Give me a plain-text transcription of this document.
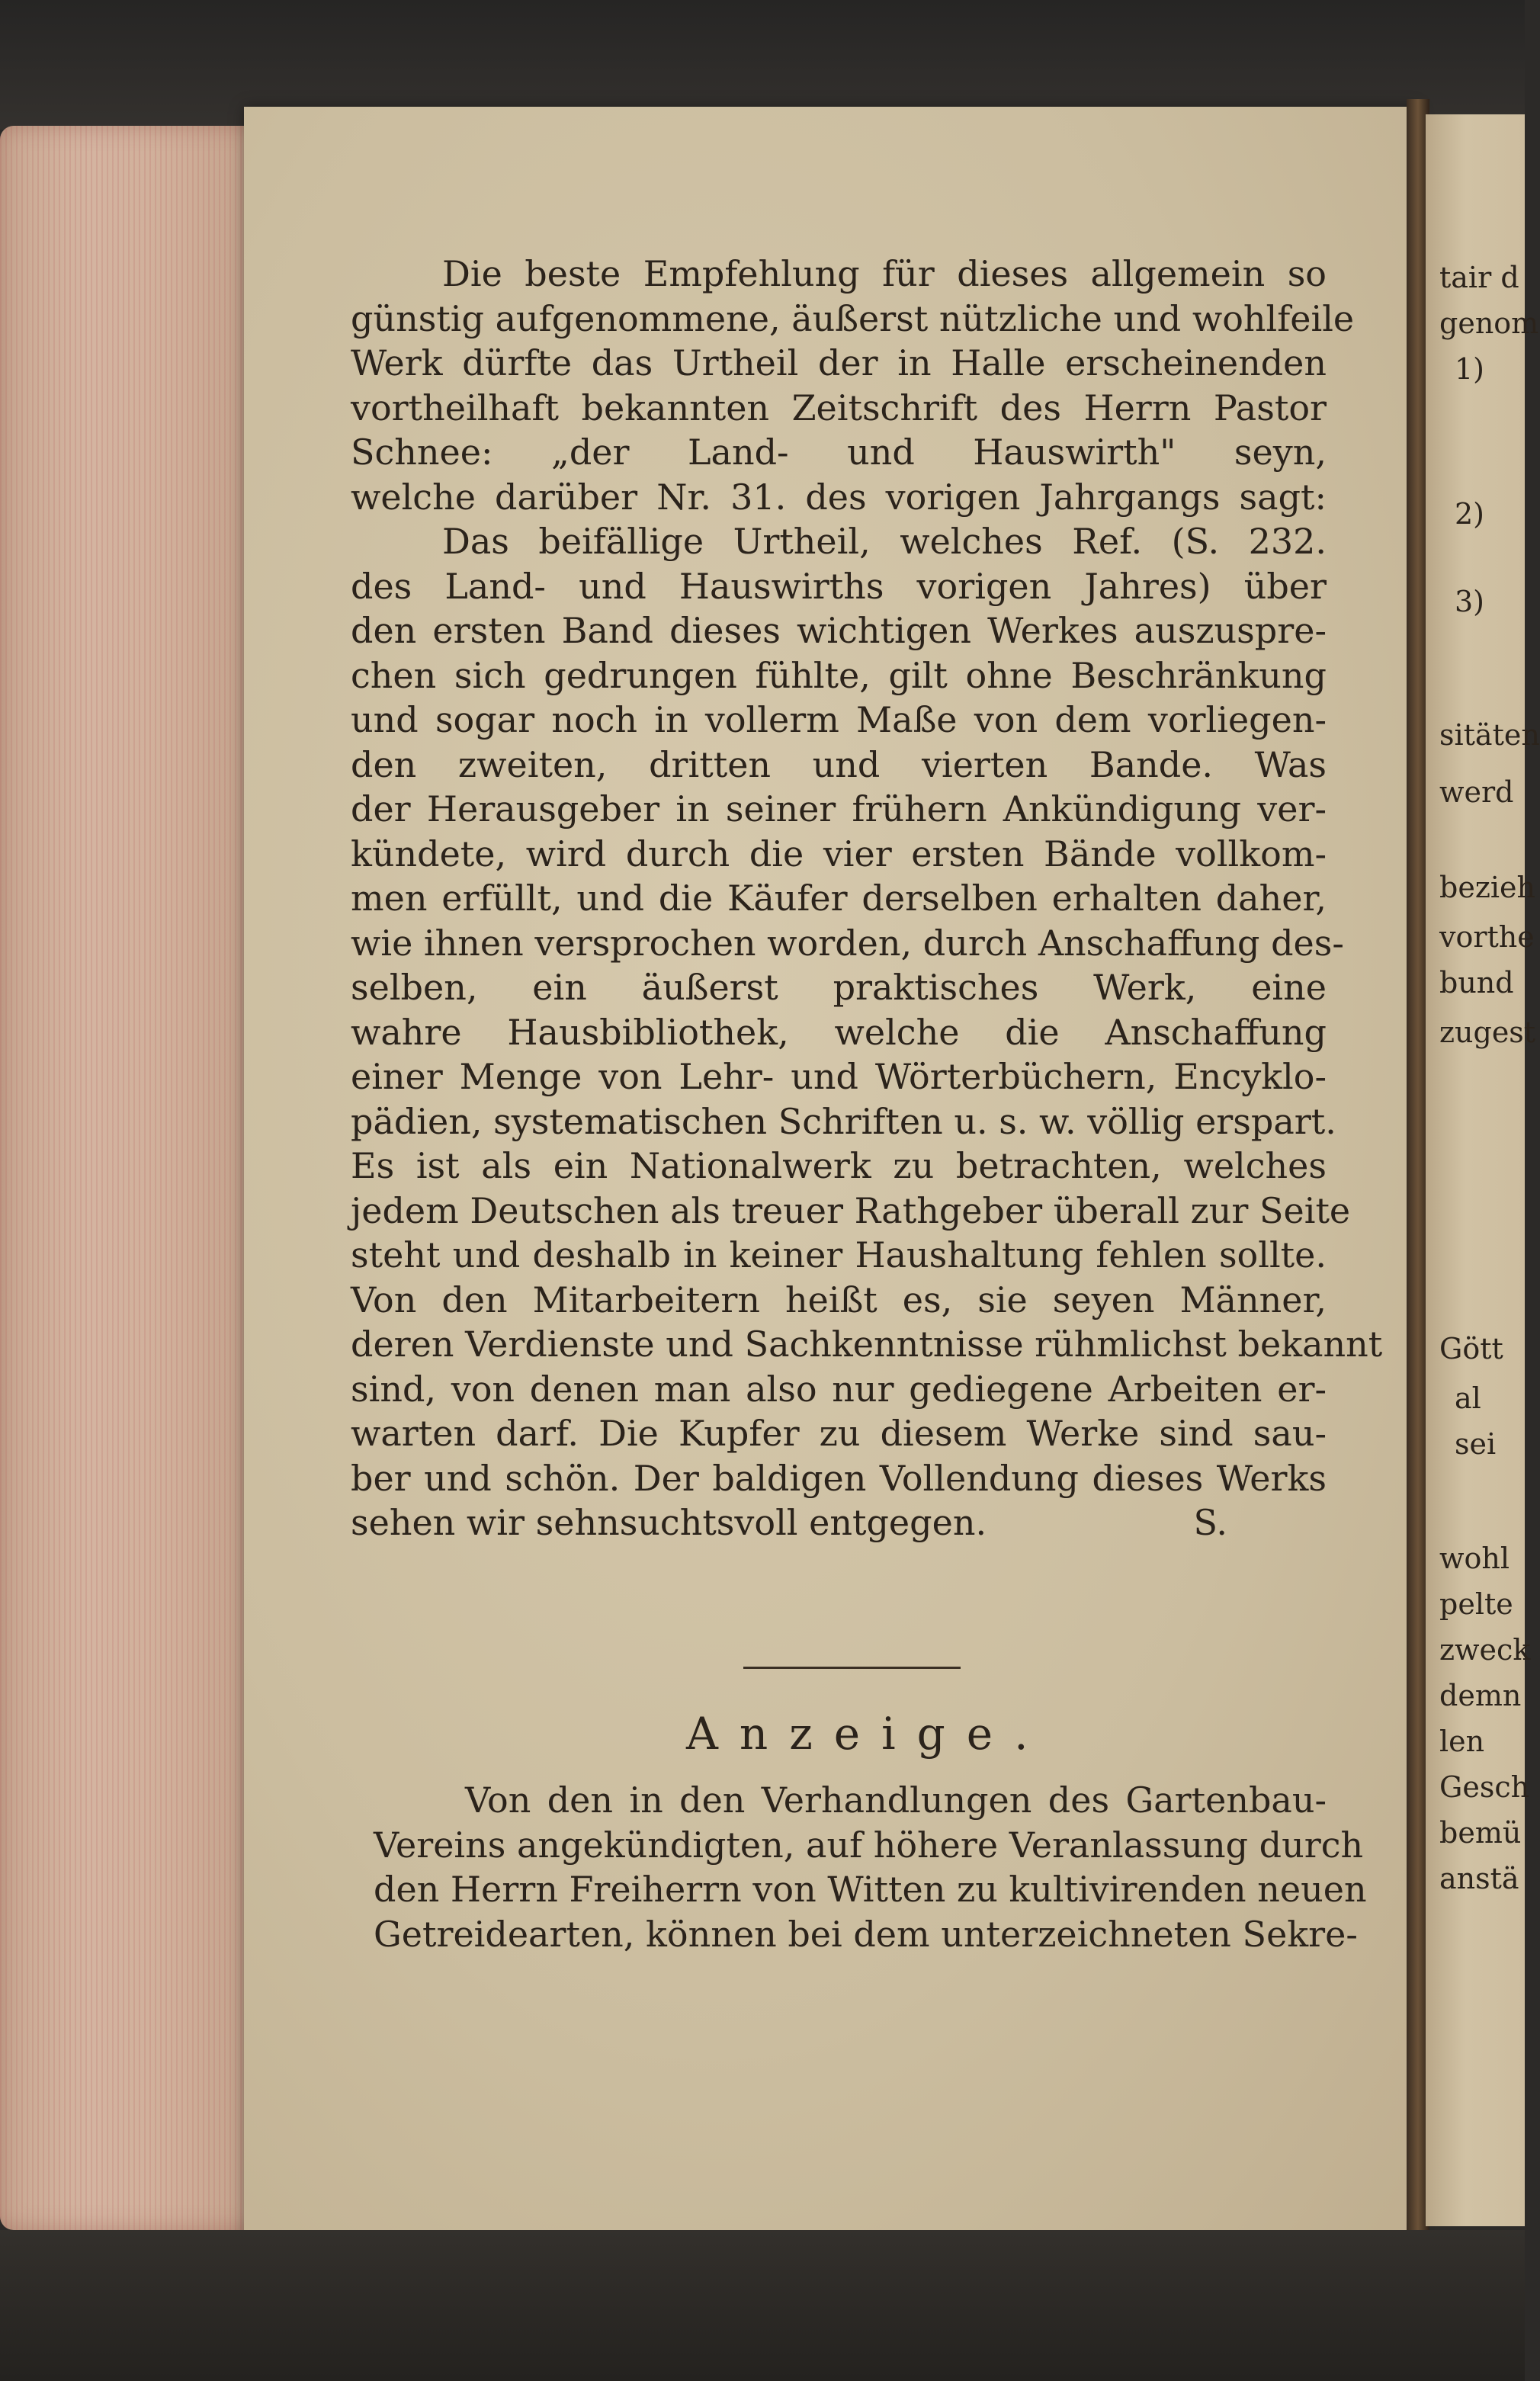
Die beste Empfehlung für dieses allgemein so
günstig aufgenommene, äußerst nützliche und wohlfeile
Werk dürfte das Urtheil der in Halle erscheinenden
vortheilhaft bekannten Zeitschrift des Herrn Pastor
Schnee: „der Land- und Hauswirth" seyn,
welche darüber Nr. 31. des vorigen Jahrgangs sagt:
Das beifällige Urtheil, welches Ref. (S. 232.
des Land- und Hauswirths vorigen Jahres) über
den ersten Band dieses wichtigen Werkes auszuspre-
chen sich gedrungen fühlte, gilt ohne Beschränkung
und sogar noch in vollerm Maße von dem vorliegen-
den zweiten, dritten und vierten Bande. Was
der Herausgeber in seiner frühern Ankündigung ver-
kündete, wird durch die vier ersten Bände vollkom-
men erfüllt, und die Käufer derselben erhalten daher,
wie ihnen versprochen worden, durch Anschaffung des-
selben, ein äußerst praktisches Werk, eine
wahre Hausbibliothek, welche die Anschaffung
einer Menge von Lehr- und Wörterbüchern, Encyklo-
pädien, systematischen Schriften u. s. w. völlig erspart.
Es ist als ein Nationalwerk zu betrachten, welches
jedem Deutschen als treuer Rathgeber überall zur Seite
steht und deshalb in keiner Haushaltung fehlen sollte.
Von den Mitarbeitern heißt es, sie seyen Männer,
deren Verdienste und Sachkenntnisse rühmlichst bekannt
sind, von denen man also nur gediegene Arbeiten er-
warten darf. Die Kupfer zu diesem Werke sind sau-
ber und schön. Der baldigen Vollendung dieses Werks
sehen wir sehnsuchtsvoll entgegen.	S.
Anzeige.
Von den in den Verhandlungen des Gartenbau-
Vereins angekündigten, auf höhere Veranlassung durch
den Herrn Freiherrn von Witten zu kultivirenden neuen
Getreidearten, können bei dem unterzeichneten Sekre-
tair d
genom
1)
2)
3)
sitäten
werd
bezieh
vorthe
bund
zugest
Gött
al
sei
wohl
pelte
zweck
demn
len
Gesch
bemü
anstä
